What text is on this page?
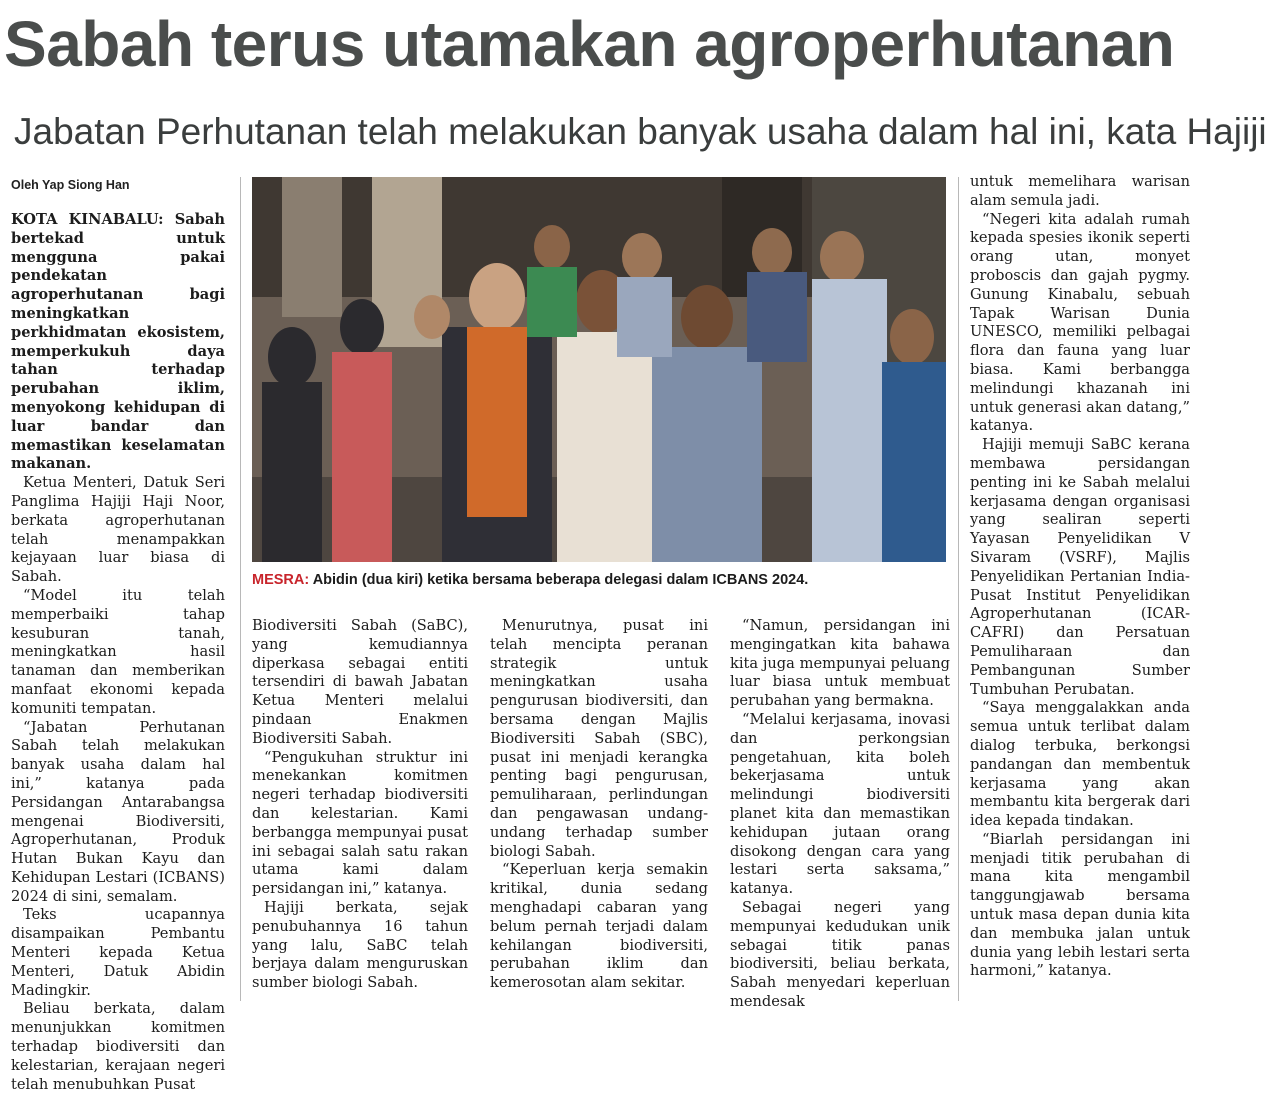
Sabah terus utamakan agroperhutanan
Jabatan Perhutanan telah melakukan banyak usaha dalam hal ini, kata Hajiji
Oleh Yap Siong Han

KOTA KINABALU: Sabah bertekad untuk mengguna pakai pendekatan agroperhutanan bagi meningkatkan perkhidmatan ekosistem, memperkukuh daya tahan terhadap perubahan iklim, menyokong kehidupan di luar bandar dan memastikan keselamatan makanan.

Ketua Menteri, Datuk Seri Panglima Hajiji Haji Noor, berkata agroperhutanan telah menampakkan kejayaan luar biasa di Sabah.

“Model itu telah memperbaiki tahap kesuburan tanah, meningkatkan hasil tanaman dan memberikan manfaat ekonomi kepada komuniti tempatan.

“Jabatan Perhutanan Sabah telah melakukan banyak usaha dalam hal ini,” katanya pada Persidangan Antarabangsa mengenai Biodiversiti, Agroperhutanan, Produk Hutan Bukan Kayu dan Kehidupan Lestari (ICBANS) 2024 di sini, semalam.

Teks ucapannya disampaikan Pembantu Menteri kepada Ketua Menteri, Datuk Abidin Madingkir.

Beliau berkata, dalam menunjukkan komitmen terhadap biodiversiti dan kelestarian, kerajaan negeri telah menubuhkan Pusat

MESRA: Abidin (dua kiri) ketika bersama beberapa delegasi dalam ICBANS 2024.

Biodiversiti Sabah (SaBC), yang kemudiannya diperkasa sebagai entiti tersendiri di bawah Jabatan Ketua Menteri melalui pindaan Enakmen Biodiversiti Sabah.

“Pengukuhan struktur ini menekankan komitmen negeri terhadap biodiversiti dan kelestarian. Kami berbangga mempunyai pusat ini sebagai salah satu rakan utama kami dalam persidangan ini,” katanya.

Hajiji berkata, sejak penubuhannya 16 tahun yang lalu, SaBC telah berjaya dalam menguruskan sumber biologi Sabah.

Menurutnya, pusat ini telah mencipta peranan strategik untuk meningkatkan usaha pengurusan biodiversiti, dan bersama dengan Majlis Biodiversiti Sabah (SBC), pusat ini menjadi kerangka penting bagi pengurusan, pemuliharaan, perlindungan dan pengawasan undang-undang terhadap sumber biologi Sabah.

“Keperluan kerja semakin kritikal, dunia sedang menghadapi cabaran yang belum pernah terjadi dalam kehilangan biodiversiti, perubahan iklim dan kemerosotan alam sekitar.

“Namun, persidangan ini mengingatkan kita bahawa kita juga mempunyai peluang luar biasa untuk membuat perubahan yang bermakna.

“Melalui kerjasama, inovasi dan perkongsian pengetahuan, kita boleh bekerjasama untuk melindungi biodiversiti planet kita dan memastikan kehidupan jutaan orang disokong dengan cara yang lestari serta saksama,” katanya.

Sebagai negeri yang mempunyai kedudukan unik sebagai titik panas biodiversiti, beliau berkata, Sabah menyedari keperluan mendesak

untuk memelihara warisan alam semula jadi.

“Negeri kita adalah rumah kepada spesies ikonik seperti orang utan, monyet proboscis dan gajah pygmy. Gunung Kinabalu, sebuah Tapak Warisan Dunia UNESCO, memiliki pelbagai flora dan fauna yang luar biasa. Kami berbangga melindungi khazanah ini untuk generasi akan datang,” katanya.

Hajiji memuji SaBC kerana membawa persidangan penting ini ke Sabah melalui kerjasama dengan organisasi yang sealiran seperti Yayasan Penyelidikan V Sivaram (VSRF), Majlis Penyelidikan Pertanian India-Pusat Institut Penyelidikan Agroperhutanan (ICAR-CAFRI) dan Persatuan Pemuliharaan dan Pembangunan Sumber Tumbuhan Perubatan.

“Saya menggalakkan anda semua untuk terlibat dalam dialog terbuka, berkongsi pandangan dan membentuk kerjasama yang akan membantu kita bergerak dari idea kepada tindakan.

“Biarlah persidangan ini menjadi titik perubahan di mana kita mengambil tanggungjawab bersama untuk masa depan dunia kita dan membuka jalan untuk dunia yang lebih lestari serta harmoni,” katanya.
